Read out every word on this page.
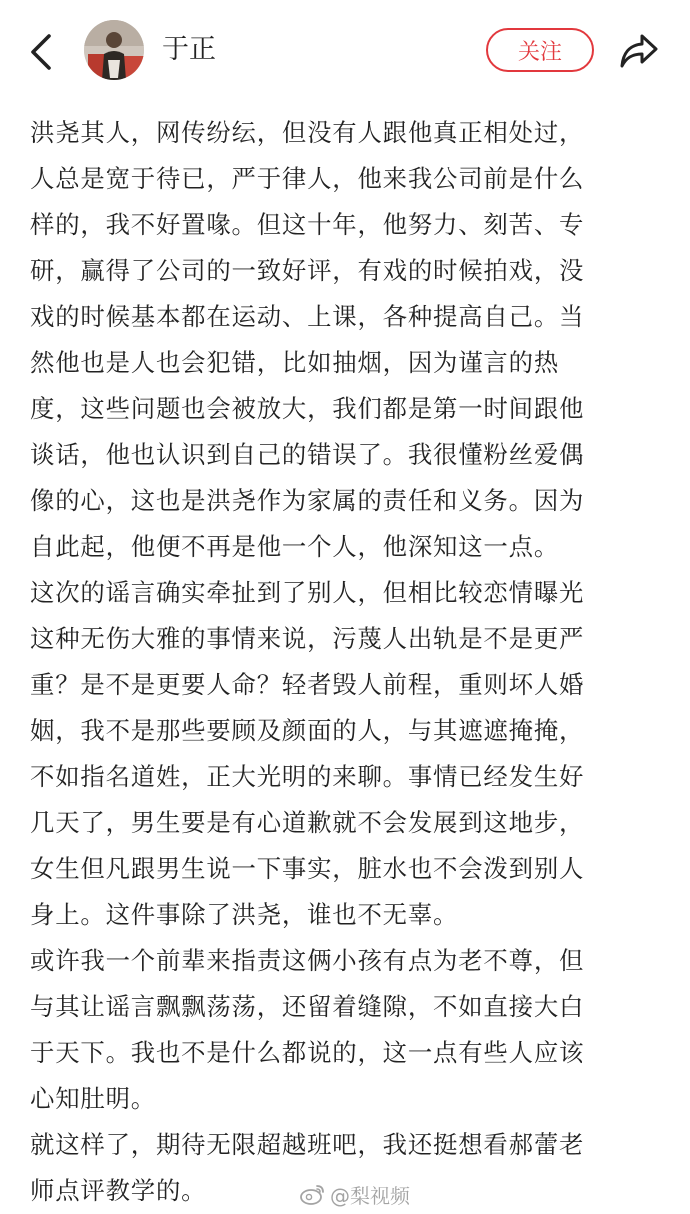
于正	关注
洪尧其人，网传纷纭，但没有人跟他真正相处过，
人总是宽于待已，严于律人，他来我公司前是什么
样的，我不好置喙。但这十年，他努力、刻苦、专
研，赢得了公司的一致好评，有戏的时候拍戏，没
戏的时候基本都在运动、上课，各种提高自己。当
然他也是人也会犯错，比如抽烟，因为谨言的热
度，这些问题也会被放大，我们都是第一时间跟他
谈话，他也认识到自己的错误了。我很懂粉丝爱偶
像的心，这也是洪尧作为家属的责任和义务。因为
自此起，他便不再是他一个人，他深知这一点。
这次的谣言确实牵扯到了别人，但相比较恋情曝光
这种无伤大雅的事情来说，污蔑人出轨是不是更严
重？是不是更要人命？轻者毁人前程，重则坏人婚
姻，我不是那些要顾及颜面的人，与其遮遮掩掩，
不如指名道姓，正大光明的来聊。事情已经发生好
几天了，男生要是有心道歉就不会发展到这地步，
女生但凡跟男生说一下事实，脏水也不会泼到别人
身上。这件事除了洪尧，谁也不无辜。
或许我一个前辈来指责这俩小孩有点为老不尊，但
与其让谣言飘飘荡荡，还留着缝隙，不如直接大白
于天下。我也不是什么都说的，这一点有些人应该
心知肚明。
就这样了，期待无限超越班吧，我还挺想看郝蕾老
师点评教学的。	@梨视频
